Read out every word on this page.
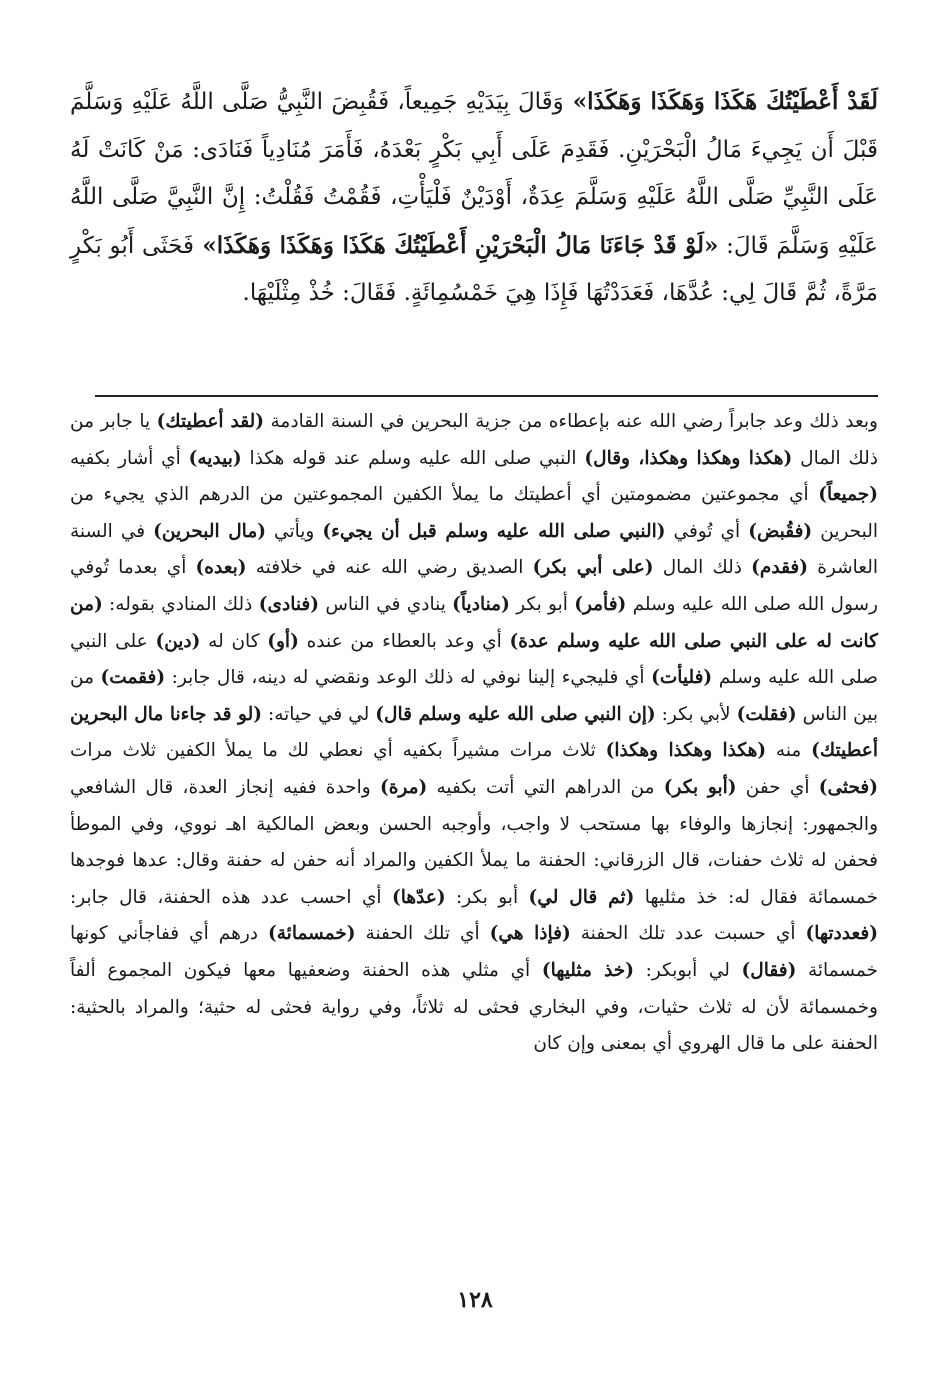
لَقَدْ أَعْطَيْتُكَ هَكَذَا وَهَكَذَا وَهَكَذَا» وَقَالَ بِيَدَيْهِ جَمِيعاً، فَقُبِضَ النَّبِيُّ صَلَّى اللَّهُ عَلَيْهِ وَسَلَّمَ قَبْلَ أَن يَجِيءَ مَالُ الْبَحْرَيْنِ. فَقَدِمَ عَلَى أَبِي بَكْرٍ بَعْدَهُ، فَأَمَرَ مُنَادِياً فَنَادَى: مَنْ كَانَتْ لَهُ عَلَى النَّبِيِّ صَلَّى اللَّهُ عَلَيْهِ وَسَلَّمَ عِدَةٌ، أَوْدَيْنٌ فَلْيَأْتِ، فَقُمْتُ فَقُلْتُ: إِنَّ النَّبِيَّ صَلَّى اللَّهُ عَلَيْهِ وَسَلَّمَ قَالَ: «لَوْ قَدْ جَاءَنَا مَالُ الْبَحْرَيْنِ أَعْطَيْتُكَ هَكَذَا وَهَكَذَا وَهَكَذَا» فَحَثَى أَبُو بَكْرٍ مَرَّةً، ثُمَّ قَالَ لِي: عُدَّهَا، فَعَدَدْتُهَا فَإِذَا هِيَ خَمْسُمِائَةٍ. فَقَالَ: خُذْ مِثْلَيْهَا.

وبعد ذلك وعد جابراً رضي الله عنه بإعطاءه من جزية البحرين في السنة القادمة (لقد أعطيتك) يا جابر من ذلك المال (هكذا وهكذا وهكذا، وقال) النبي صلى الله عليه وسلم عند قوله هكذا (بيديه) أي أشار بكفيه (جميعاً) أي مجموعتين مضمومتين أي أعطيتك ما يملأ الكفين المجموعتين من الدرهم الذي يجيء من البحرين (فقُبض) أي تُوفي (النبي صلى الله عليه وسلم قبل أن يجيء) ويأتي (مال البحرين) في السنة العاشرة (فقدم) ذلك المال (على أبي بكر) الصديق رضي الله عنه في خلافته (بعده) أي بعدما تُوفي رسول الله صلى الله عليه وسلم (فأمر) أبو بكر (منادياً) ينادي في الناس (فنادى) ذلك المنادي بقوله: (من كانت له على النبي صلى الله عليه وسلم عدة) أي وعد بالعطاء من عنده (أو) كان له (دين) على النبي صلى الله عليه وسلم (فليأت) أي فليجيء إلينا نوفي له ذلك الوعد ونقضي له دينه، قال جابر: (فقمت) من بين الناس (فقلت) لأبي بكر: (إن النبي صلى الله عليه وسلم قال) لي في حياته: (لو قد جاءنا مال البحرين أعطيتك) منه (هكذا وهكذا وهكذا) ثلاث مرات مشيراً بكفيه أي نعطي لك ما يملأ الكفين ثلاث مرات (فحثى) أي حفن (أبو بكر) من الدراهم التي أتت بكفيه (مرة) واحدة ففيه إنجاز العدة، قال الشافعي والجمهور: إنجازها والوفاء بها مستحب لا واجب، وأوجبه الحسن وبعض المالكية اهـ نووي، وفي الموطأ فحفن له ثلاث حفنات، قال الزرقاني: الحفنة ما يملأ الكفين والمراد أنه حفن له حفنة وقال: عدها فوجدها خمسمائة فقال له: خذ مثليها (ثم قال لي) أبو بكر: (عدّها) أي احسب عدد هذه الحفنة، قال جابر: (فعددتها) أي حسبت عدد تلك الحفنة (فإذا هي) أي تلك الحفنة (خمسمائة) درهم أي ففاجأني كونها خمسمائة (فقال) لي أبوبكر: (خذ مثليها) أي مثلي هذه الحفنة وضعفيها معها فيكون المجموع ألفاً وخمسمائة لأن له ثلاث حثيات، وفي البخاري فحثى له ثلاثاً، وفي رواية فحثى له حثية؛ والمراد بالحثية: الحفنة على ما قال الهروي أي بمعنى وإن كان

١٢٨
